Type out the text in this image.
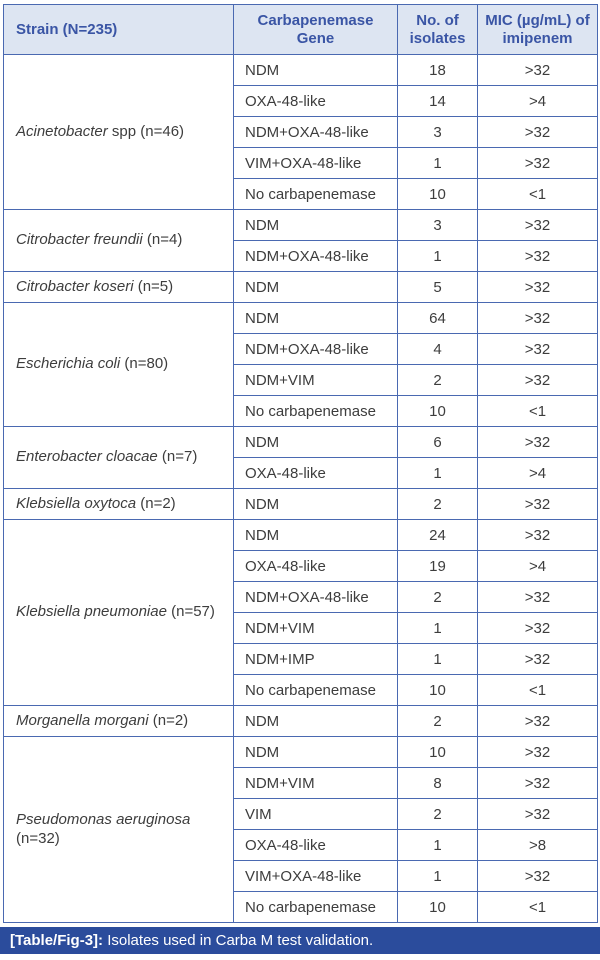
Strain (N=235)	Carbapenemase Gene	No. of isolates	MIC (µg/mL) of imipenem
Acinetobacter spp (n=46)	NDM	18	>32
	OXA-48-like	14	>4
	NDM+OXA-48-like	3	>32
	VIM+OXA-48-like	1	>32
	No carbapenemase	10	<1
Citrobacter freundii (n=4)	NDM	3	>32
	NDM+OXA-48-like	1	>32
Citrobacter koseri (n=5)	NDM	5	>32
Escherichia coli (n=80)	NDM	64	>32
	NDM+OXA-48-like	4	>32
	NDM+VIM	2	>32
	No carbapenemase	10	<1
Enterobacter cloacae (n=7)	NDM	6	>32
	OXA-48-like	1	>4
Klebsiella oxytoca (n=2)	NDM	2	>32
Klebsiella pneumoniae (n=57)	NDM	24	>32
	OXA-48-like	19	>4
	NDM+OXA-48-like	2	>32
	NDM+VIM	1	>32
	NDM+IMP	1	>32
	No carbapenemase	10	<1
Morganella morgani (n=2)	NDM	2	>32
Pseudomonas aeruginosa (n=32)	NDM	10	>32
	NDM+VIM	8	>32
	VIM	2	>32
	OXA-48-like	1	>8
	VIM+OXA-48-like	1	>32
	No carbapenemase	10	<1
[Table/Fig-3]: Isolates used in Carba M test validation.
